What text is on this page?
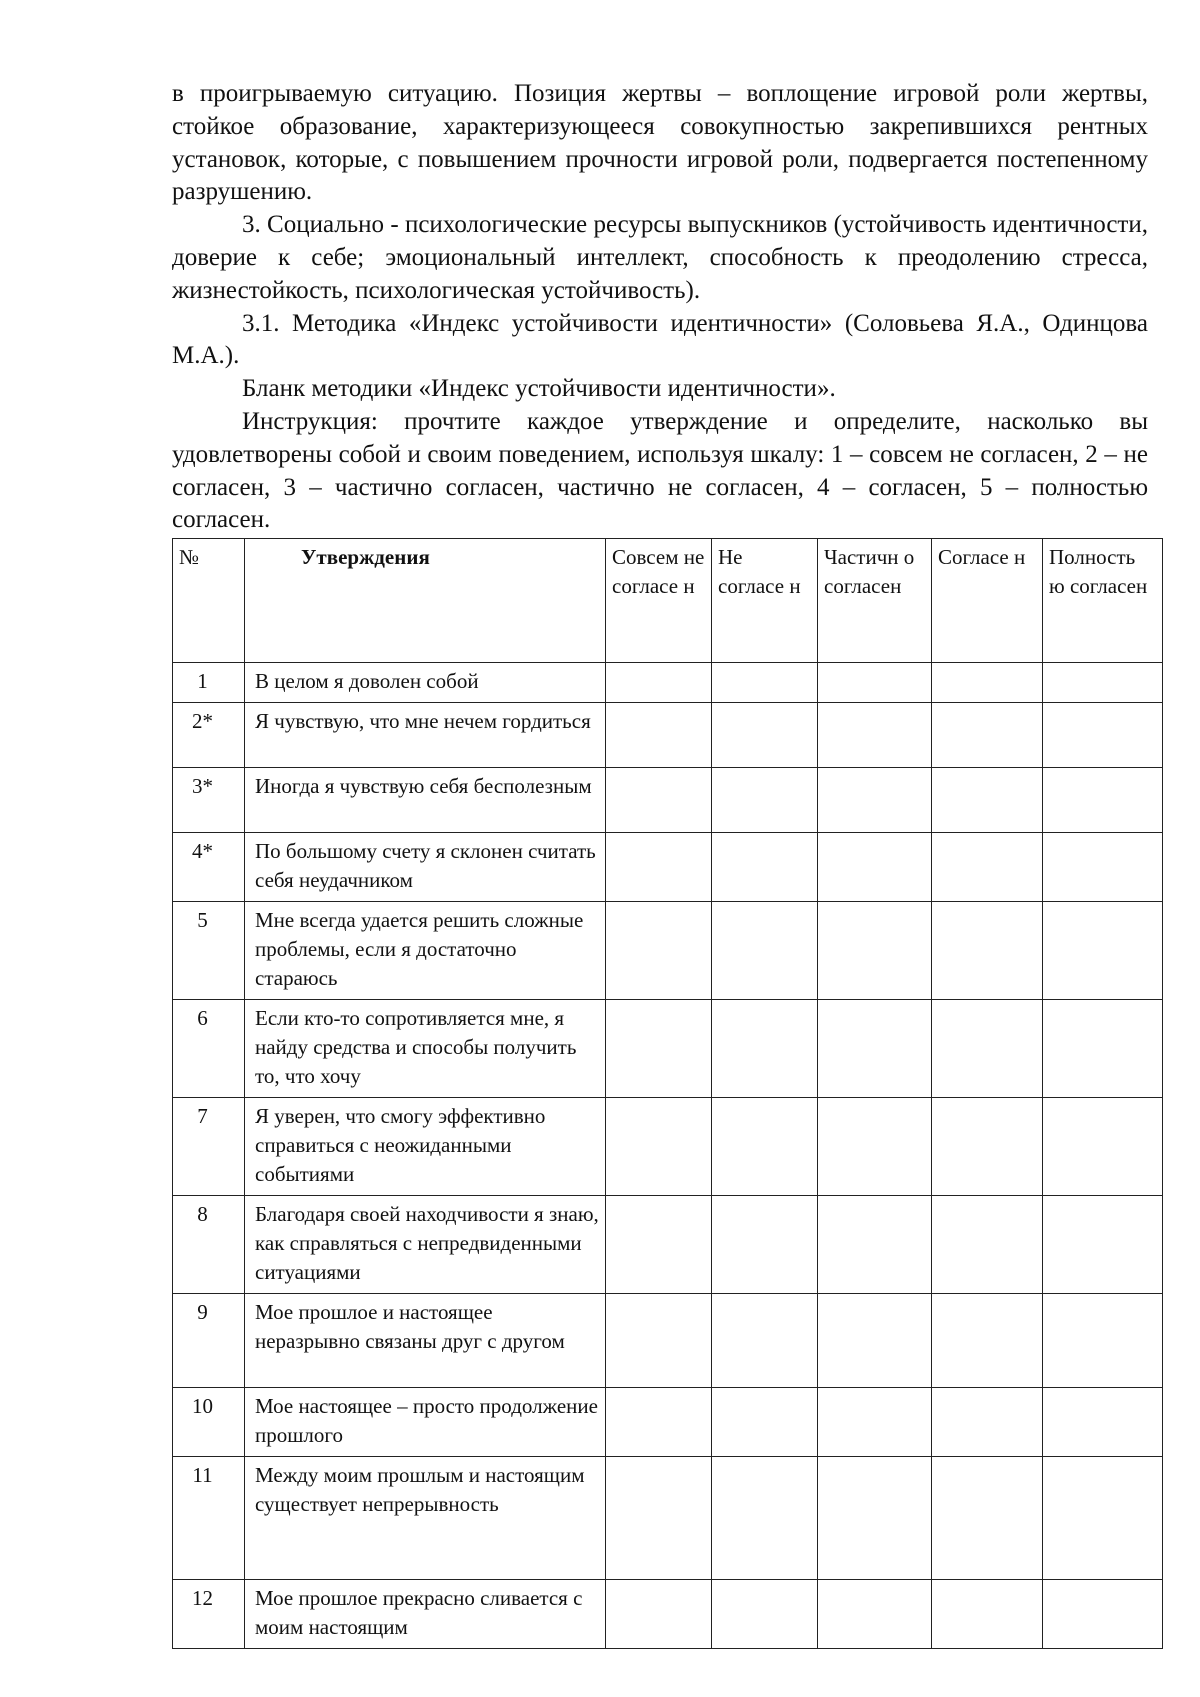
в проигрываемую ситуацию. Позиция жертвы – воплощение игровой роли жертвы, стойкое образование, характеризующееся совокупностью закрепившихся рентных установок, которые, с повышением прочности игровой роли, подвергается постепенному разрушению.

3. Социально - психологические ресурсы выпускников (устойчивость идентичности, доверие к себе; эмоциональный интеллект, способность к преодолению стресса, жизнестойкость, психологическая устойчивость).

3.1. Методика «Индекс устойчивости идентичности» (Соловьева Я.А., Одинцова М.А.).

Бланк методики «Индекс устойчивости идентичности».

Инструкция: прочтите каждое утверждение и определите, насколько вы удовлетворены собой и своим поведением, используя шкалу: 1 – совсем не согласен, 2 – не согласен, 3 – частично согласен, частично не согласен, 4 – согласен, 5 – полностью согласен.

№	Утверждения	Совсем не согласе н	Не согласе н	Частичн о согласен	Согласе н	Полность ю согласен
1	В целом я доволен собой					
2*	Я чувствую, что мне нечем гордиться					
3*	Иногда я чувствую себя бесполезным					
4*	По большому счету я склонен считать себя неудачником					
5	Мне всегда удается решить сложные проблемы, если я достаточно стараюсь					
6	Если кто-то сопротивляется мне, я найду средства и способы получить то, что хочу					
7	Я уверен, что смогу эффективно справиться с неожиданными событиями					
8	Благодаря своей находчивости я знаю, как справляться с непредвиденными ситуациями					
9	Мое прошлое и настоящее неразрывно связаны друг с другом					
10	Мое настоящее – просто продолжение прошлого					
11	Между моим прошлым и настоящим существует непрерывность					
12	Мое прошлое прекрасно сливается с моим настоящим					
